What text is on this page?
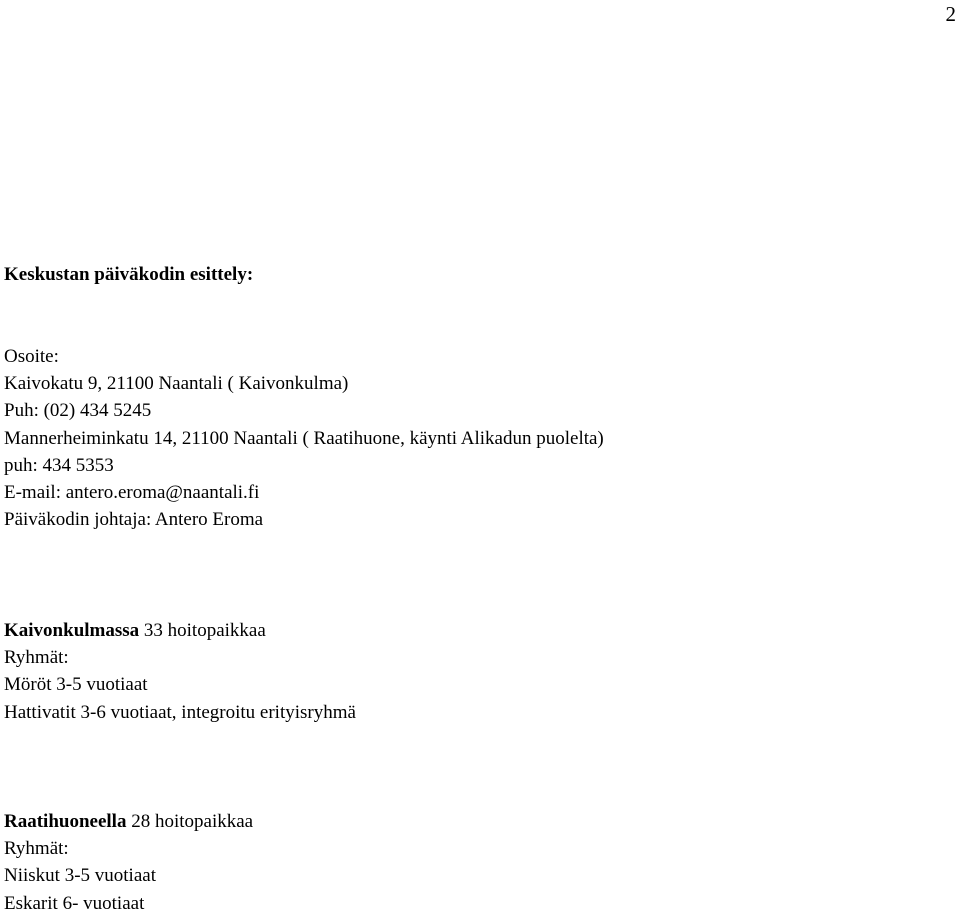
2
Keskustan päiväkodin esittely:
Osoite:
Kaivokatu 9, 21100 Naantali ( Kaivonkulma)
Puh: (02) 434 5245
Mannerheiminkatu 14, 21100 Naantali ( Raatihuone, käynti Alikadun puolelta)
puh: 434 5353
E-mail: antero.eroma@naantali.fi
Päiväkodin johtaja: Antero Eroma
Kaivonkulmassa 33 hoitopaikkaa
Ryhmät:
Möröt 3-5 vuotiaat
Hattivatit 3-6 vuotiaat, integroitu erityisryhmä
Raatihuoneella 28 hoitopaikkaa
Ryhmät:
Niiskut 3-5 vuotiaat
Eskarit 6- vuotiaat
